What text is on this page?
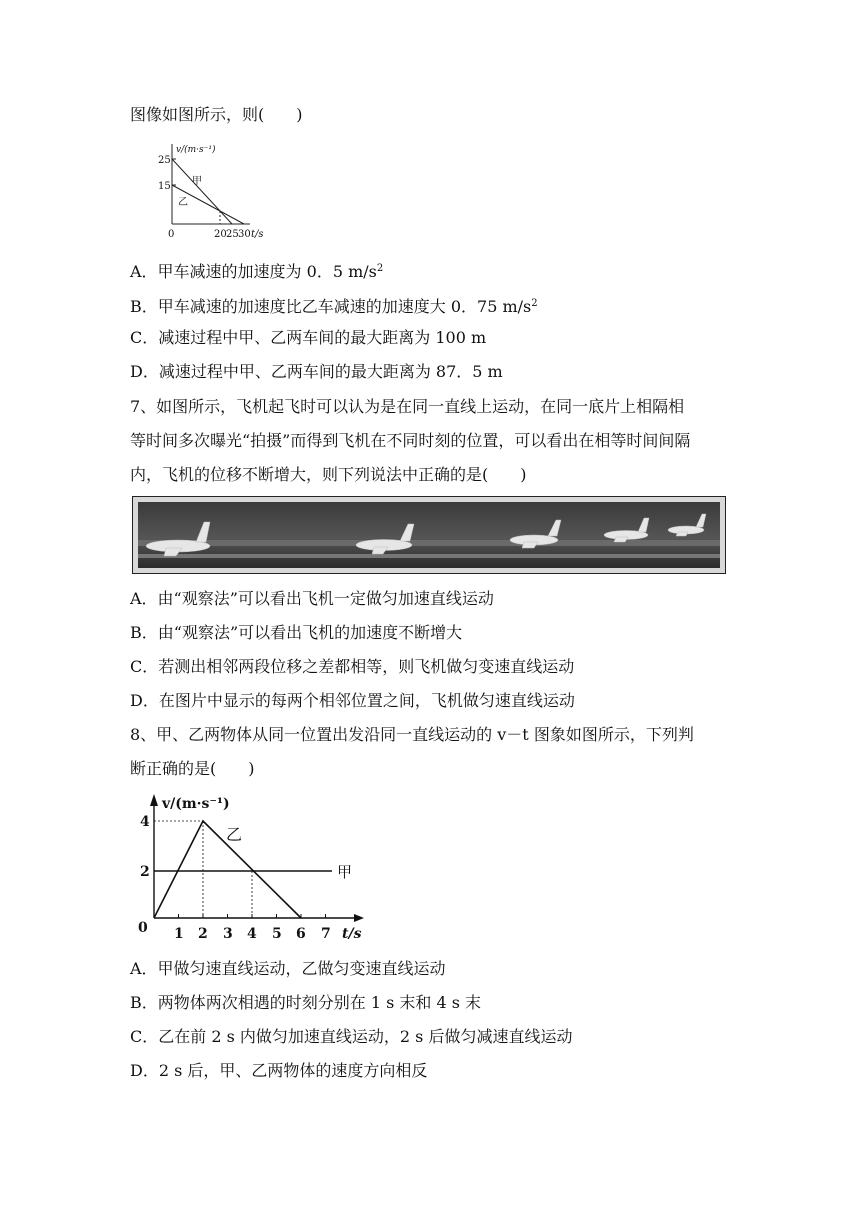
图像如图所示，则(　　)
v/(m·s⁻¹)
25
15
0	20 25 30 t/s
甲
乙
A．甲车减速的加速度为 0．5 $m/s^2$
B．甲车减速的加速度比乙车减速的加速度大 0．75 $m/s^2$
C．减速过程中甲、乙两车间的最大距离为 100 m
D．减速过程中甲、乙两车间的最大距离为 87．5 m
7、如图所示，飞机起飞时可以认为是在同一直线上运动，在同一底片上相隔相
等时间多次曝光“拍摄”而得到飞机在不同时刻的位置，可以看出在相等时间间隔
内，飞机的位移不断增大，则下列说法中正确的是(　　)
A．由“观察法”可以看出飞机一定做匀加速直线运动
B．由“观察法”可以看出飞机的加速度不断增大
C．若测出相邻两段位移之差都相等，则飞机做匀变速直线运动
D．在图片中显示的每两个相邻位置之间，飞机做匀速直线运动
8、甲、乙两物体从同一位置出发沿同一直线运动的 v－t 图象如图所示，下列判
断正确的是(　　)
v/(m·s⁻¹)
4
2
0 1 2 3 4 5 6 7 t/s
乙
甲
A．甲做匀速直线运动，乙做匀变速直线运动
B．两物体两次相遇的时刻分别在 1 s 末和 4 s 末
C．乙在前 2 s 内做匀加速直线运动，2 s 后做匀减速直线运动
D．2 s 后，甲、乙两物体的速度方向相反
